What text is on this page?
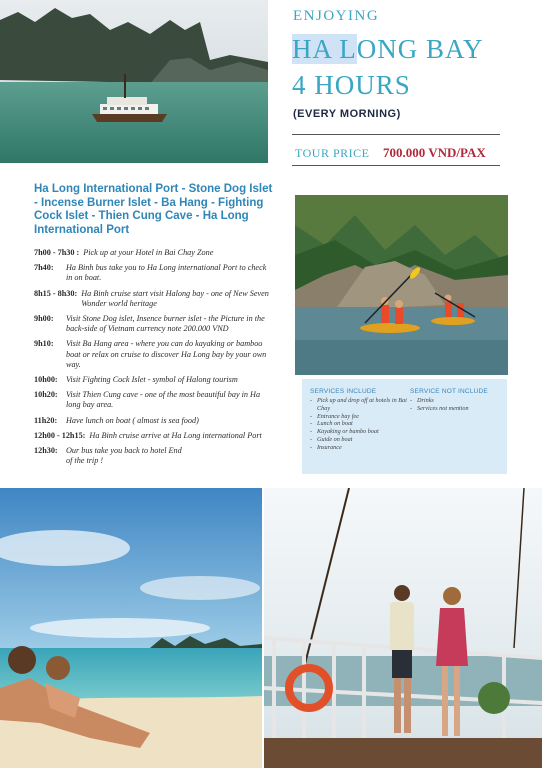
ENJOYING
HA LONG BAY
4 HOURS
(EVERY MORNING)
TOUR PRICE 700.000 VND/PAX
Ha Long International Port - Stone Dog Islet - Incense Burner Islet - Ba Hang - Fighting Cock Islet - Thien Cung Cave - Ha Long International Port
7h00 - 7h30 : Pick up at your Hotel in Bai Chay Zone
7h40:	Ha Binh bus take you to Ha Long international Port to check in on boat.
8h15 - 8h30: Ha Binh cruise start visit Halong bay - one of New Seven Wonder world heritage
9h00:	Visit Stone Dog islet, Insence burner islet - the Picture in the back-side of Vietnam currency note 200.000 VND
9h10:	Visit Ba Hang area - where you can do kayaking or bamboo boat or relax on cruise to discover Ha Long bay by your own way.
10h00:	Visit Fighting Cock Islet - symbol of Halong tourism
10h20:	Visit Thien Cung cave - one of the most beautiful bay in Ha long bay area.
11h20:	Have lunch on boat ( almost is sea food)
12h00 - 12h15: Ha Binh cruise arrive at Ha Long international Port
12h30:	Our bus take you back to hotel End of the trip !
SERVICES INCLUDE
- Pick up and drop off at hotels in Bai Chay
- Entrance bay fee
- Lunch on boat
- Kayaking or bambo boat
- Guide on boat
- Insurance
SERVICE NOT INCLUDE
- Drinks
- Services not mention
